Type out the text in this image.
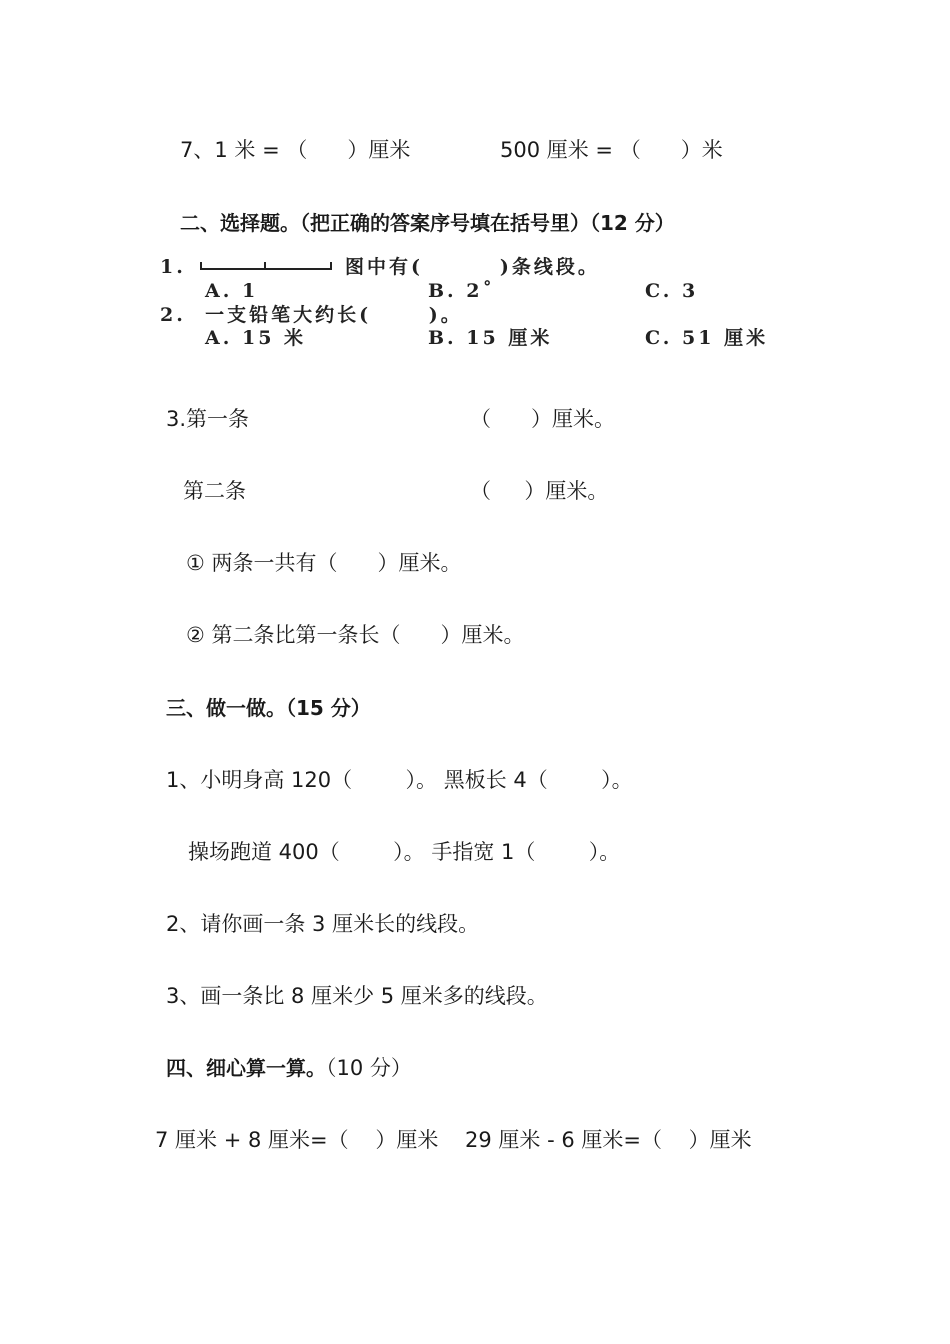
7、1 米 = （      ）厘米	500 厘米 = （      ）米
二、选择题。（把正确的答案序号填在括号里）（12 分）
1.	图中有(        )条线段。
A. 1	B. 2˚	C. 3
2.  一支铅笔大约长(      )。
A. 15 米	B. 15 厘米	C. 51 厘米
3.第一条	（      ）厘米。
第二条	（     ）厘米。
① 两条一共有（      ）厘米。
② 第二条比第一条长（      ）厘米。
三、做一做。（15 分）
1、小明身高 120（        ）。 黑板长 4（        ）。
操场跑道 400（        ）。 手指宽 1（        ）。
2、请你画一条 3 厘米长的线段。
3、画一条比 8 厘米少 5 厘米多的线段。
四、细心算一算。（10 分）
7 厘米 + 8 厘米=（    ）厘米    29 厘米 - 6 厘米=（    ）厘米
